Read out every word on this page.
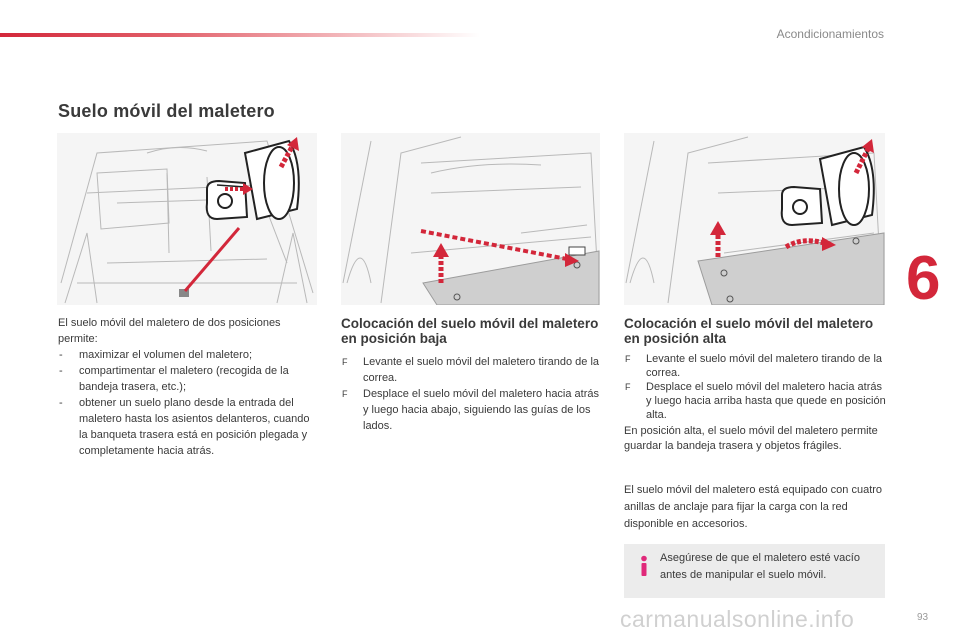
Acondicionamientos
Suelo móvil del maletero
6

El suelo móvil del maletero de dos posiciones permite:

- maximizar el volumen del maletero;
- compartimentar el maletero (recogida de la bandeja trasera, etc.);
- obtener un suelo plano desde la entrada del maletero hasta los asientos delanteros, cuando la banqueta trasera está en posición plegada y completamente hacia atrás.
Colocación del suelo móvil del maletero en posición baja
F Levante el suelo móvil del maletero tirando de la correa.
F Desplace el suelo móvil del maletero hacia atrás y luego hacia abajo, siguiendo las guías de los lados.
Colocación el suelo móvil del maletero en posición alta
F Levante el suelo móvil del maletero tirando de la correa.
F Desplace el suelo móvil del maletero hacia atrás y luego hacia arriba hasta que quede en posición alta.

En posición alta, el suelo móvil del maletero permite guardar la bandeja trasera y objetos frágiles.

El suelo móvil del maletero está equipado con cuatro anillas de anclaje para fijar la carga con la red disponible en accesorios.

Asegúrese de que el maletero esté vacío antes de manipular el suelo móvil.

93
carmanualsonline.info
